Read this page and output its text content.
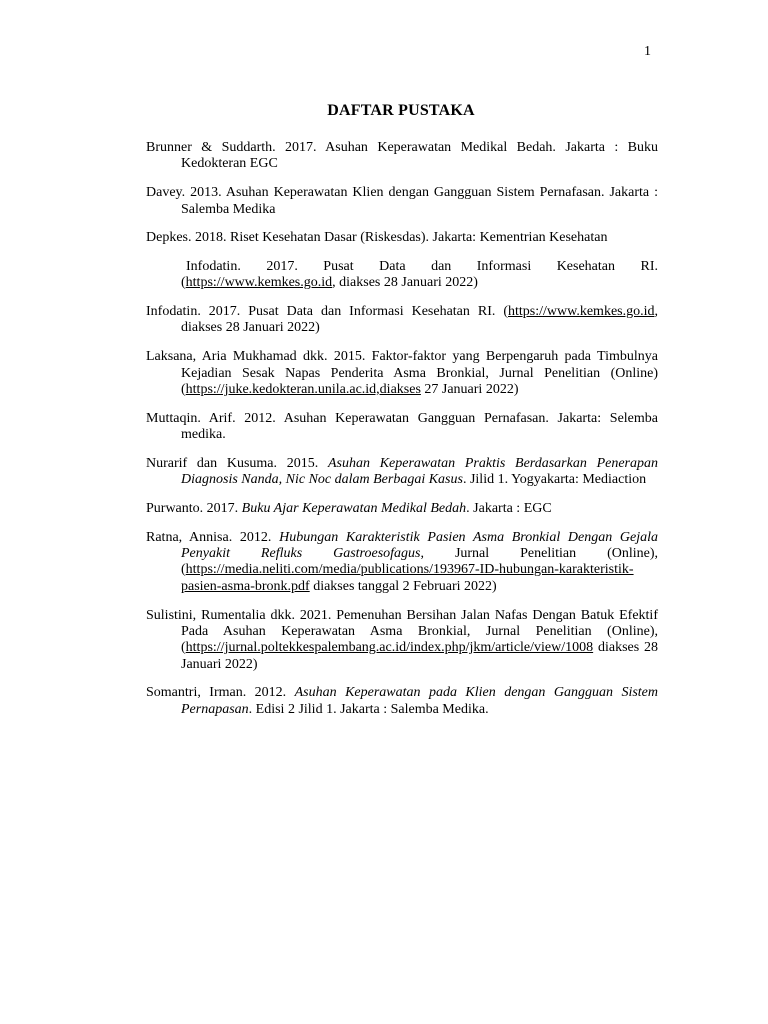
1
DAFTAR PUSTAKA

Brunner & Suddarth. 2017. Asuhan Keperawatan Medikal Bedah. Jakarta : Buku Kedokteran EGC

Davey. 2013. Asuhan Keperawatan Klien dengan Gangguan Sistem Pernafasan. Jakarta : Salemba Medika

Depkes. 2018. Riset Kesehatan Dasar (Riskesdas). Jakarta: Kementrian Kesehatan

Infodatin. 2017. Pusat Data dan Informasi Kesehatan RI. (https://www.kemkes.go.id, diakses 28 Januari 2022)

Infodatin. 2017. Pusat Data dan Informasi Kesehatan RI. (https://www.kemkes.go.id, diakses 28 Januari 2022)

Laksana, Aria Mukhamad dkk. 2015. Faktor-faktor yang Berpengaruh pada Timbulnya Kejadian Sesak Napas Penderita Asma Bronkial, Jurnal Penelitian (Online) (https://juke.kedokteran.unila.ac.id,diakses 27 Januari 2022)

Muttaqin. Arif. 2012. Asuhan Keperawatan Gangguan Pernafasan. Jakarta: Selemba medika.

Nurarif dan Kusuma. 2015. Asuhan Keperawatan Praktis Berdasarkan Penerapan Diagnosis Nanda, Nic Noc dalam Berbagai Kasus. Jilid 1. Yogyakarta: Mediaction

Purwanto. 2017. Buku Ajar Keperawatan Medikal Bedah. Jakarta : EGC

Ratna, Annisa. 2012. Hubungan Karakteristik Pasien Asma Bronkial Dengan Gejala Penyakit Refluks Gastroesofagus, Jurnal Penelitian (Online), (https://media.neliti.com/media/publications/193967-ID-hubungan-karakteristik-pasien-asma-bronk.pdf diakses tanggal 2 Februari 2022)

Sulistini, Rumentalia dkk. 2021. Pemenuhan Bersihan Jalan Nafas Dengan Batuk Efektif Pada Asuhan Keperawatan Asma Bronkial, Jurnal Penelitian (Online),(https://jurnal.poltekkespalembang.ac.id/index.php/jkm/article/view/1008 diakses 28 Januari 2022)

Somantri, Irman. 2012. Asuhan Keperawatan pada Klien dengan Gangguan Sistem Pernapasan. Edisi 2 Jilid 1. Jakarta : Salemba Medika.
